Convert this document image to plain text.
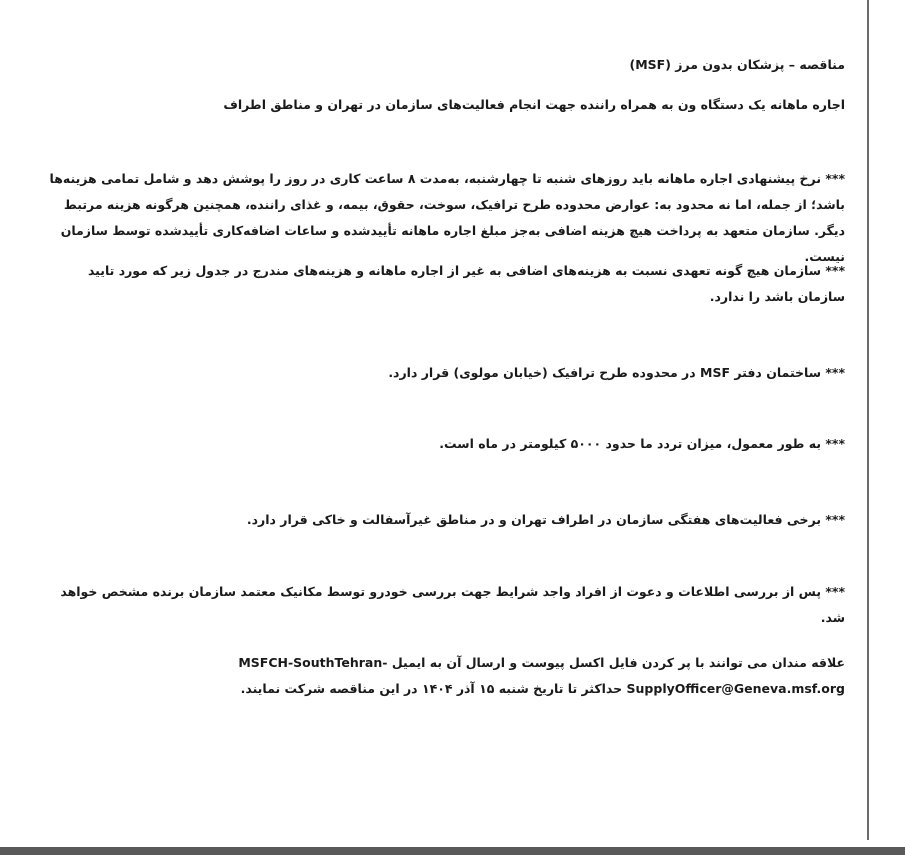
مناقصه – پزشکان بدون مرز (MSF)
اجاره ماهانه یک دستگاه ون به همراه راننده جهت انجام فعالیت‌های سازمان در تهران و مناطق اطراف
*** نرخ پیشنهادی اجاره ماهانه باید روزهای شنبه تا چهارشنبه، به‌مدت ۸ ساعت کاری در روز را پوشش دهد و شامل تمامی هزینه‌ها باشد؛ از جمله، اما نه محدود به: عوارض محدوده طرح ترافیک، سوخت، حقوق، بیمه، و غذای راننده، همچنین هرگونه هزینه مرتبط دیگر. سازمان متعهد به پرداخت هیچ هزینه اضافی به‌جز مبلغ اجاره ماهانه تأییدشده و ساعات اضافه‌کاری تأییدشده توسط سازمان نیست.
*** سازمان هیچ گونه تعهدی نسبت به هزینه‌های اضافی به غیر از اجاره ماهانه و هزینه‌های مندرج در جدول زیر که مورد تایید سازمان باشد را ندارد.
*** ساختمان دفتر MSF در محدوده طرح ترافیک (خیابان مولوی) قرار دارد.
*** به طور معمول، میزان تردد ما حدود ۵۰۰۰ کیلومتر در ماه است.
*** برخی فعالیت‌های هفتگی سازمان در اطراف تهران و در مناطق غیرآسفالت و خاکی قرار دارد.
*** پس از بررسی اطلاعات و دعوت از افراد واجد شرایط جهت بررسی خودرو توسط مکانیک معتمد سازمان برنده مشخص خواهد شد.
علاقه مندان می توانند با پر کردن فایل اکسل پیوست و ارسال آن به ایمیل MSFCH-SouthTehran-SupplyOfficer@Geneva.msf.org حداکثر تا تاریخ شنبه ۱۵ آذر ۱۴۰۴ در این مناقصه شرکت نمایند.
